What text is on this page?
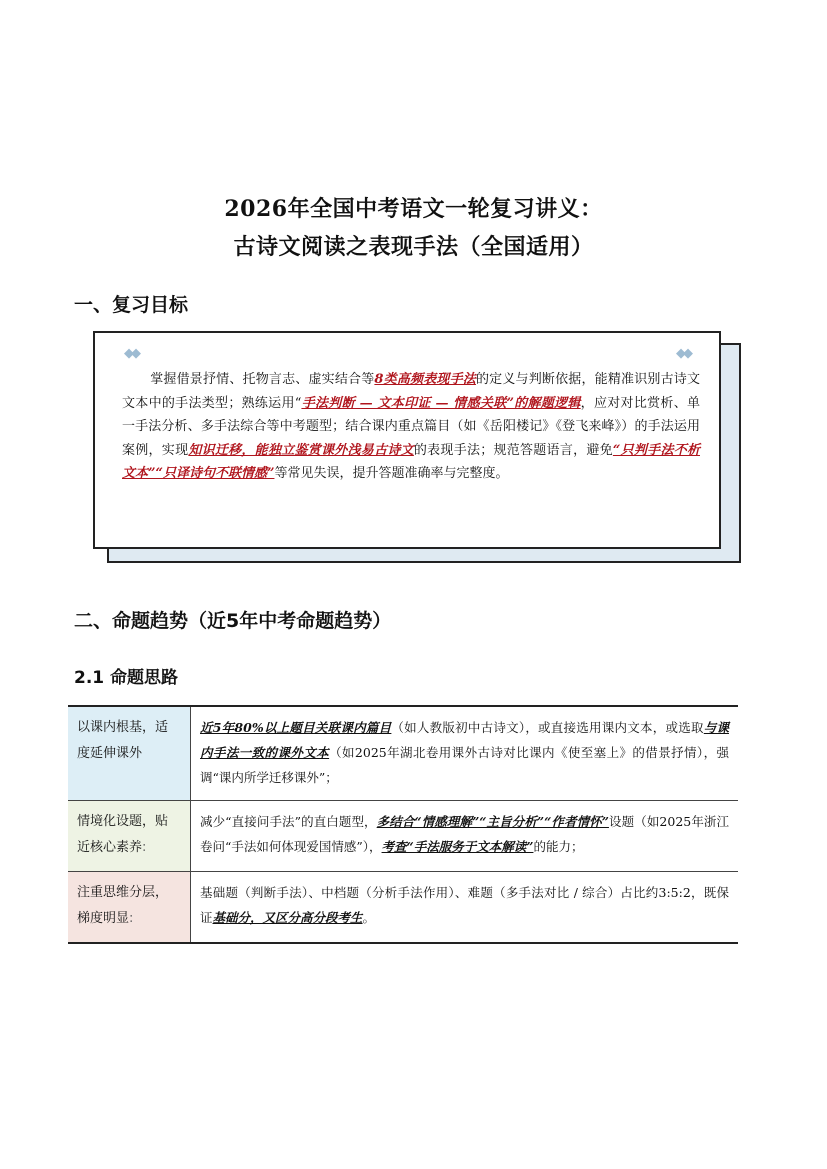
2026年全国中考语文一轮复习讲义：
古诗文阅读之表现手法（全国适用）
一、复习目标
◆◆	◆◆
掌握借景抒情、托物言志、虚实结合等8类高频表现手法的定义与判断依据，能精准识别古诗文文本中的手法类型；熟练运用“手法判断 — 文本印证 — 情感关联”的解题逻辑，应对对比赏析、单一手法分析、多手法综合等中考题型；结合课内重点篇目（如《岳阳楼记》《登飞来峰》）的手法运用案例，实现知识迁移，能独立鉴赏课外浅易古诗文的表现手法；规范答题语言，避免“只判手法不析文本”“只译诗句不联情感”等常见失误，提升答题准确率与完整度。
二、命题趋势（近5年中考命题趋势）
2.1 命题思路
以课内根基，适
度延伸课外	近5年80%以上题目关联课内篇目（如人教版初中古诗文），或直接选用课内文本，或选取与课内手法一致的课外文本（如2025年湖北卷用课外古诗对比课内《使至塞上》的借景抒情），强调“课内所学迁移课外”；

情境化设题，贴
近核心素养:	减少“直接问手法”的直白题型，多结合“情感理解”“主旨分析”“作者情怀”设题（如2025年浙江卷问“手法如何体现爱国情感”），考查“手法服务于文本解读”的能力；

注重思维分层，
梯度明显:	基础题（判断手法）、中档题（分析手法作用）、难题（多手法对比 / 综合）占比约3:5:2，既保证基础分，又区分高分段考生。
